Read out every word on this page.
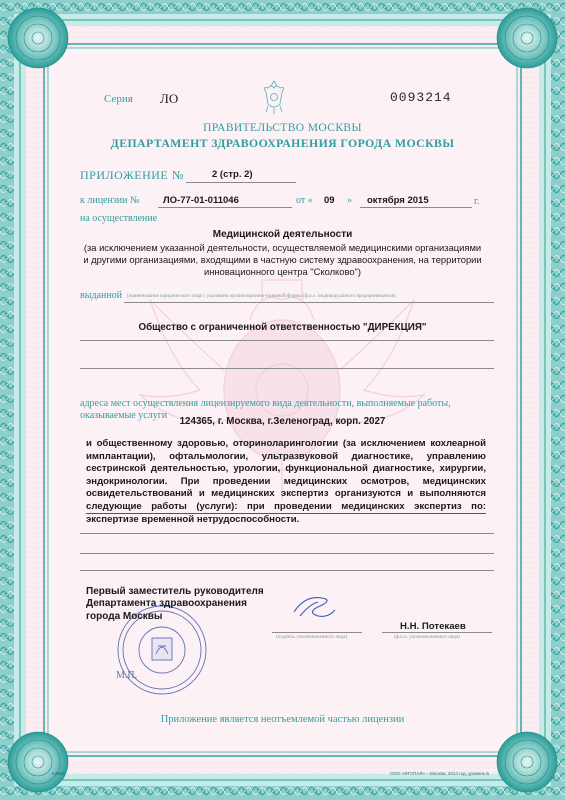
Серия ЛО	0093214
ПРАВИТЕЛЬСТВО МОСКВЫ
ДЕПАРТАМЕНТ ЗДРАВООХРАНЕНИЯ ГОРОДА МОСКВЫ
ПРИЛОЖЕНИЕ №	2 (стр. 2)
к лицензии № ЛО-77-01-011046	от « 09 » октября 2015	г.
на осуществление
Медицинской деятельности
(за исключением указанной деятельности, осуществляемой медицинскими организациями и другими организациями, входящими в частную систему здравоохранения, на территории инновационного центра "Сколково")
выданной (наименование юридического лица с указанием организационно-правовой формы (ф.и.о. индивидуального предпринимателя)
Общество с ограниченной ответственностью "ДИРЕКЦИЯ"
адреса мест осуществления лицензируемого вида деятельности, выполняемые работы, оказываемые услуги
124365, г. Москва, г.Зеленоград, корп. 2027
и общественному здоровью, оториноларингологии (за исключением кохлеарной имплантации), офтальмологии, ультразвуковой диагностике, управлению сестринской деятельностью, урологии, функциональной диагностике, хирургии, эндокринологии. При проведении медицинских осмотров, медицинских освидетельствований и медицинских экспертиз организуются и выполняются следующие работы (услуги): при проведении медицинских экспертиз по: экспертизе временной нетрудоспособности.
Первый заместитель руководителя Департамента здравоохранения города Москвы
(подпись уполномоченного лица)
Н.Н. Потекаев
(ф.и.о. уполномоченного лица)
М.П.
Приложение является неотъемлемой частью лицензии
54859	ООО «ФГУПАЯ» – Москва, 2014 год, уровень Б
